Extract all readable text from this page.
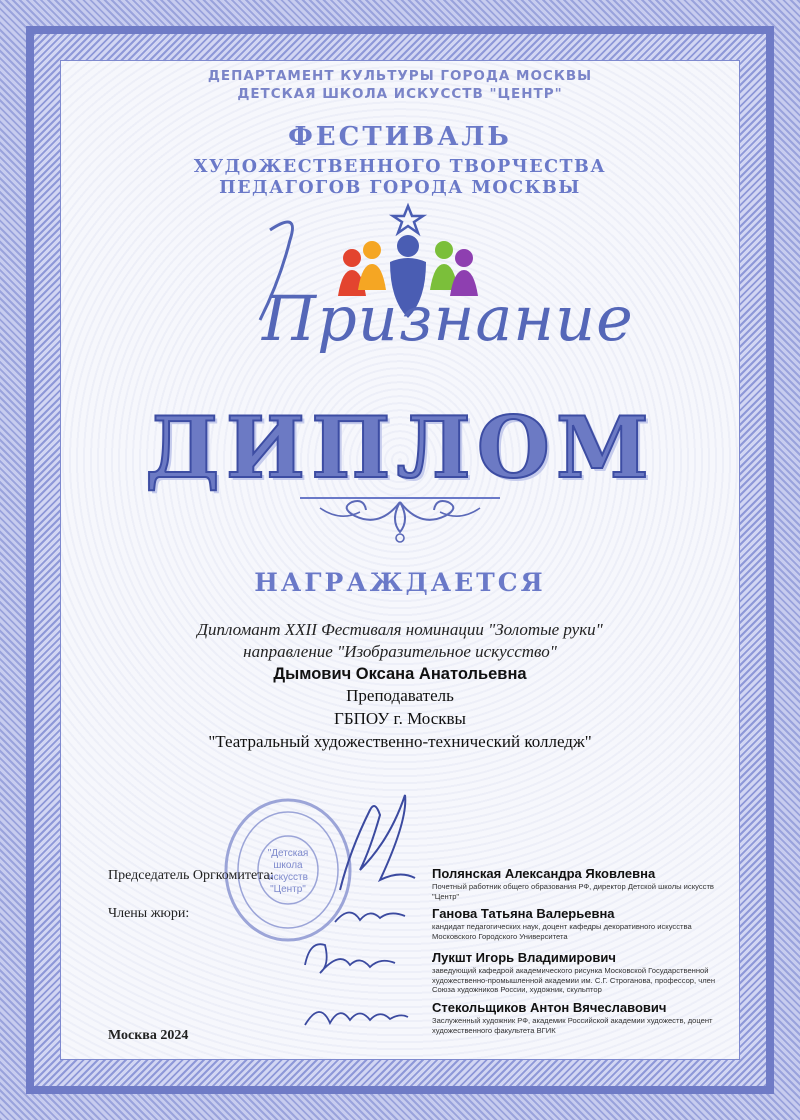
ДЕПАРТАМЕНТ КУЛЬТУРЫ ГОРОДА МОСКВЫ
ДЕТСКАЯ ШКОЛА ИСКУССТВ "ЦЕНТР"
ФЕСТИВАЛЬ
ХУДОЖЕСТВЕННОГО ТВОРЧЕСТВА
ПЕДАГОГОВ ГОРОДА МОСКВЫ
Признание
ДИПЛОМ
НАГРАЖДАЕТСЯ
Дипломант XXII Фестиваля номинации "Золотые руки"
направление "Изобразительное искусство"
Дымович Оксана Анатольевна
Преподаватель
ГБПОУ г. Москвы
"Театральный художественно-технический колледж"
"Детская
школа
искусств
"Центр"
Председатель Оргкомитета:
Члены жюри:
Полянская Александра Яковлевна
Почетный работник общего образования РФ, директор Детской школы искусств "Центр"
Ганова Татьяна Валерьевна
кандидат педагогических наук, доцент кафедры декоративного искусства Московского Городского Университета
Лукшт Игорь Владимирович
заведующий кафедрой академического рисунка Московской Государственной художественно-промышленной академии им. С.Г. Строганова, профессор, член Союза художников России, художник, скульптор
Стекольщиков Антон Вячеславович
Заслуженный художник РФ, академик Российской академии художеств, доцент художественного факультета ВГИК
Москва 2024
